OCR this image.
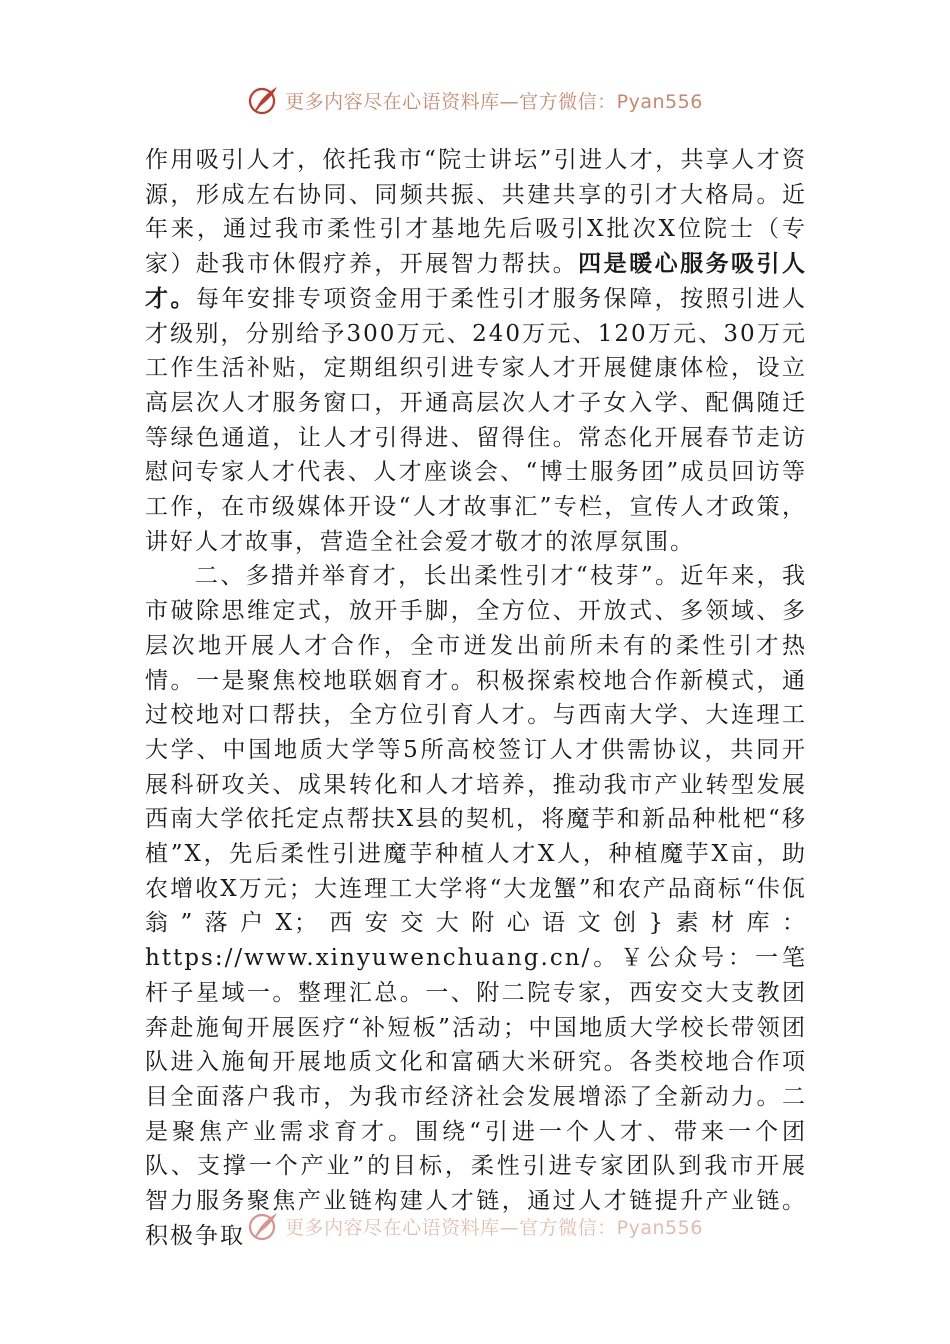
更多内容尽在心语资料库—官方微信：Pyan556

作用吸引人才，依托我市“院士讲坛”引进人才，共享人才资源，形成左右协同、同频共振、共建共享的引才大格局。近年来，通过我市柔性引才基地先后吸引X批次X位院士（专家）赴我市休假疗养，开展智力帮扶。四是暖心服务吸引人才。每年安排专项资金用于柔性引才服务保障，按照引进人才级别，分别给予300万元、240万元、120万元、30万元工作生活补贴，定期组织引进专家人才开展健康体检，设立高层次人才服务窗口，开通高层次人才子女入学、配偶随迁等绿色通道，让人才引得进、留得住。常态化开展春节走访慰问专家人才代表、人才座谈会、“博士服务团”成员回访等工作，在市级媒体开设“人才故事汇”专栏，宣传人才政策，讲好人才故事，营造全社会爱才敬才的浓厚氛围。

二、多措并举育才，长出柔性引才“枝芽”。近年来，我市破除思维定式，放开手脚，全方位、开放式、多领域、多层次地开展人才合作，全市迸发出前所未有的柔性引才热情。一是聚焦校地联姻育才。积极探索校地合作新模式，通过校地对口帮扶，全方位引育人才。与西南大学、大连理工大学、中国地质大学等5所高校签订人才供需协议，共同开展科研攻关、成果转化和人才培养，推动我市产业转型发展西南大学依托定点帮扶X县的契机，将魔芋和新品种枇杷“移植”X，先后柔性引进魔芋种植人才X人，种植魔芋X亩，助农增收X万元；大连理工大学将“大龙蟹”和农产品商标“佧佤翁”落户X；西安交大附心语文创}素材库：https://www.xinyuwenchuang.cn/。￥公众号：一笔杆子星域一。整理汇总。一、附二院专家，西安交大支教团奔赴施甸开展医疗“补短板”活动；中国地质大学校长带领团队进入施甸开展地质文化和富硒大米研究。各类校地合作项目全面落户我市，为我市经济社会发展增添了全新动力。二是聚焦产业需求育才。围绕“引进一个人才、带来一个团队、支撑一个产业”的目标，柔性引进专家团队到我市开展智力服务聚焦产业链构建人才链，通过人才链提升产业链。积极争取	更多内容尽在心语资料库—官方微信：Pyan556
